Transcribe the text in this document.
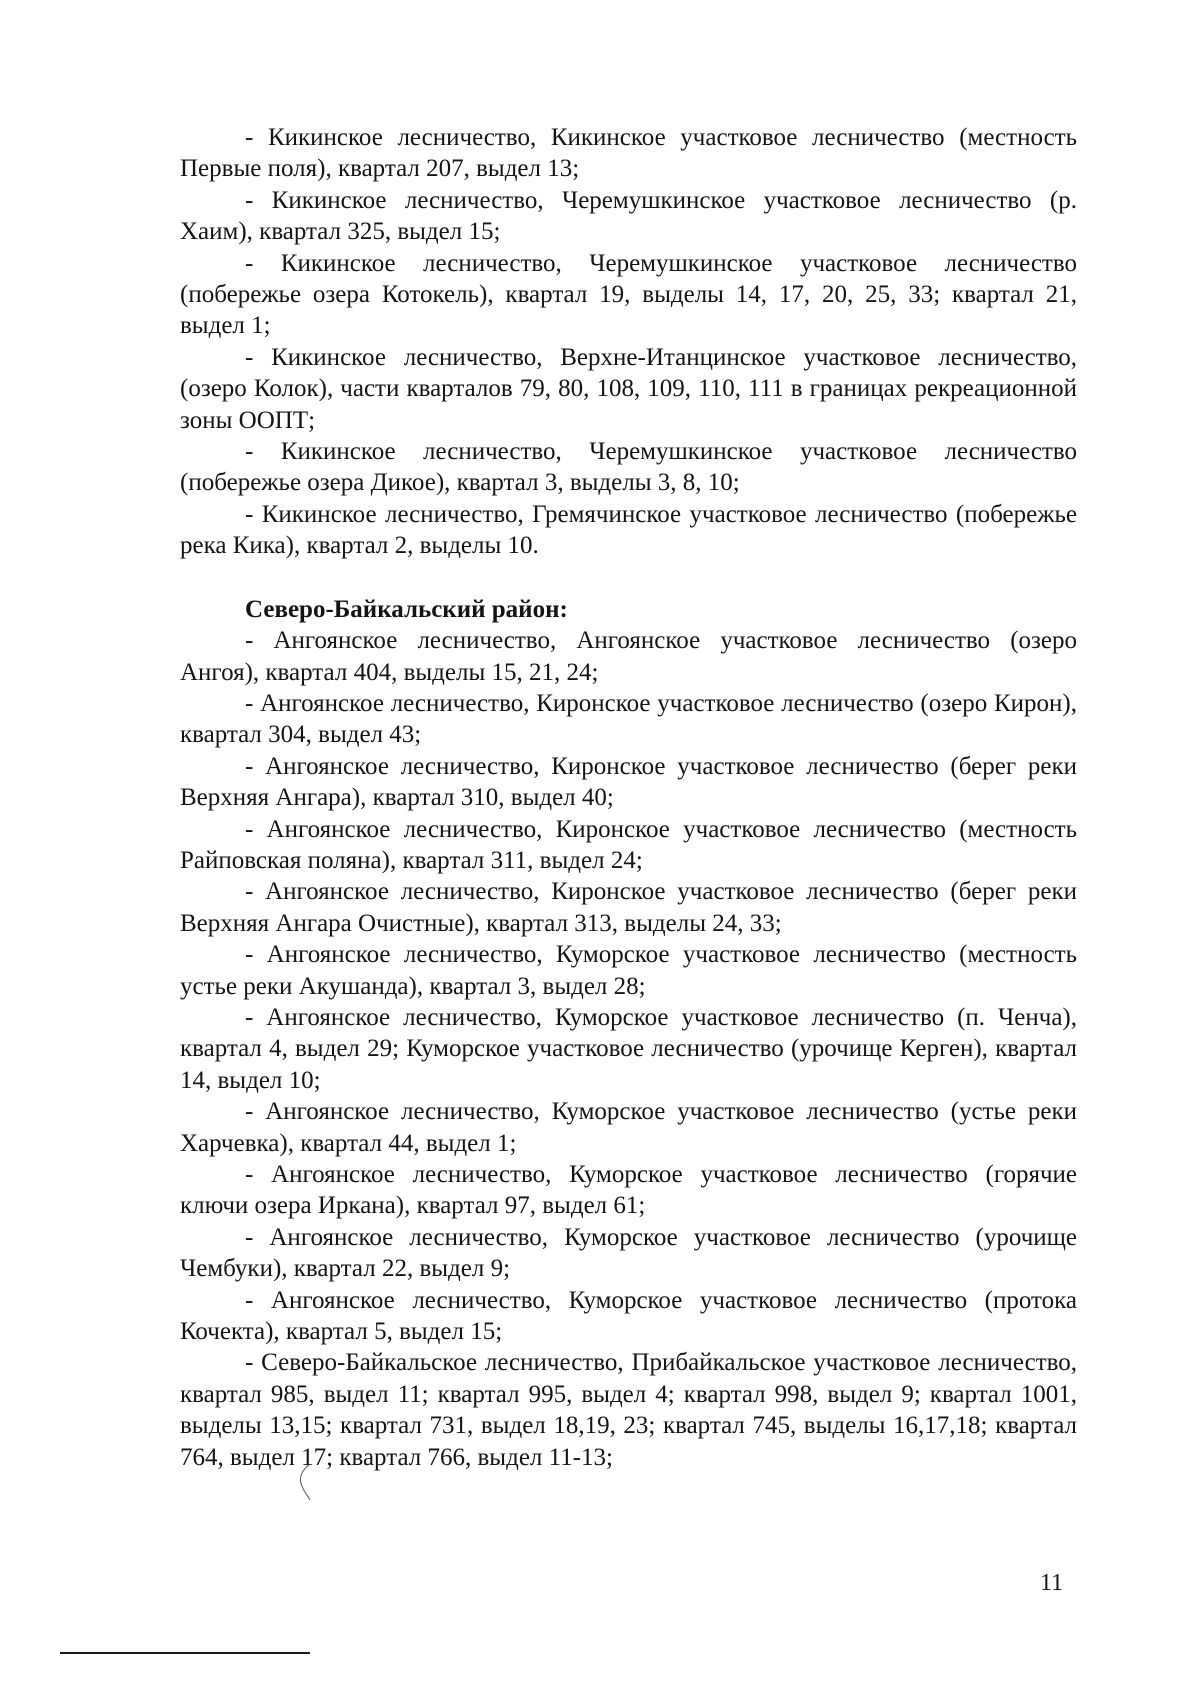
- Кикинское лесничество, Кикинское участковое лесничество (местность Первые поля), квартал 207, выдел 13;

- Кикинское лесничество, Черемушкинское участковое лесничество (р. Хаим), квартал 325, выдел 15;

- Кикинское лесничество, Черемушкинское участковое лесничество (побережье озера Котокель), квартал 19, выделы 14, 17, 20, 25, 33; квартал 21, выдел 1;

- Кикинское лесничество, Верхне-Итанцинское участковое лесничество, (озеро Колок), части кварталов 79, 80, 108, 109, 110, 111 в границах рекреационной зоны ООПТ;

- Кикинское лесничество, Черемушкинское участковое лесничество (побережье озера Дикое), квартал 3, выделы 3, 8, 10;

- Кикинское лесничество, Гремячинское участковое лесничество (побережье река Кика), квартал 2, выделы 10.

Северо-Байкальский район:

- Ангоянское лесничество, Ангоянское участковое лесничество (озеро Ангоя), квартал 404, выделы 15, 21, 24;

- Ангоянское лесничество, Киронское участковое лесничество (озеро Кирон), квартал 304, выдел 43;

- Ангоянское лесничество, Киронское участковое лесничество (берег реки Верхняя Ангара), квартал 310, выдел 40;

- Ангоянское лесничество, Киронское участковое лесничество (местность Райповская поляна), квартал 311, выдел 24;

- Ангоянское лесничество, Киронское участковое лесничество (берег реки Верхняя Ангара Очистные), квартал 313, выделы 24, 33;

- Ангоянское лесничество, Куморское участковое лесничество (местность устье реки Акушанда), квартал 3, выдел 28;

- Ангоянское лесничество, Куморское участковое лесничество (п. Ченча), квартал 4, выдел 29; Куморское участковое лесничество (урочище Керген), квартал 14, выдел 10;

- Ангоянское лесничество, Куморское участковое лесничество (устье реки Харчевка), квартал 44, выдел 1;

- Ангоянское лесничество, Куморское участковое лесничество (горячие ключи озера Иркана), квартал 97, выдел 61;

- Ангоянское лесничество, Куморское участковое лесничество (урочище Чембуки), квартал 22, выдел 9;

- Ангоянское лесничество, Куморское участковое лесничество (протока Кочекта), квартал 5, выдел 15;

- Северо-Байкальское лесничество, Прибайкальское участковое лесничество, квартал 985, выдел 11; квартал 995, выдел 4; квартал 998, выдел 9; квартал 1001, выделы 13,15; квартал 731, выдел 18,19, 23; квартал 745, выделы 16,17,18; квартал 764, выдел 17; квартал 766, выдел 11-13;

11
